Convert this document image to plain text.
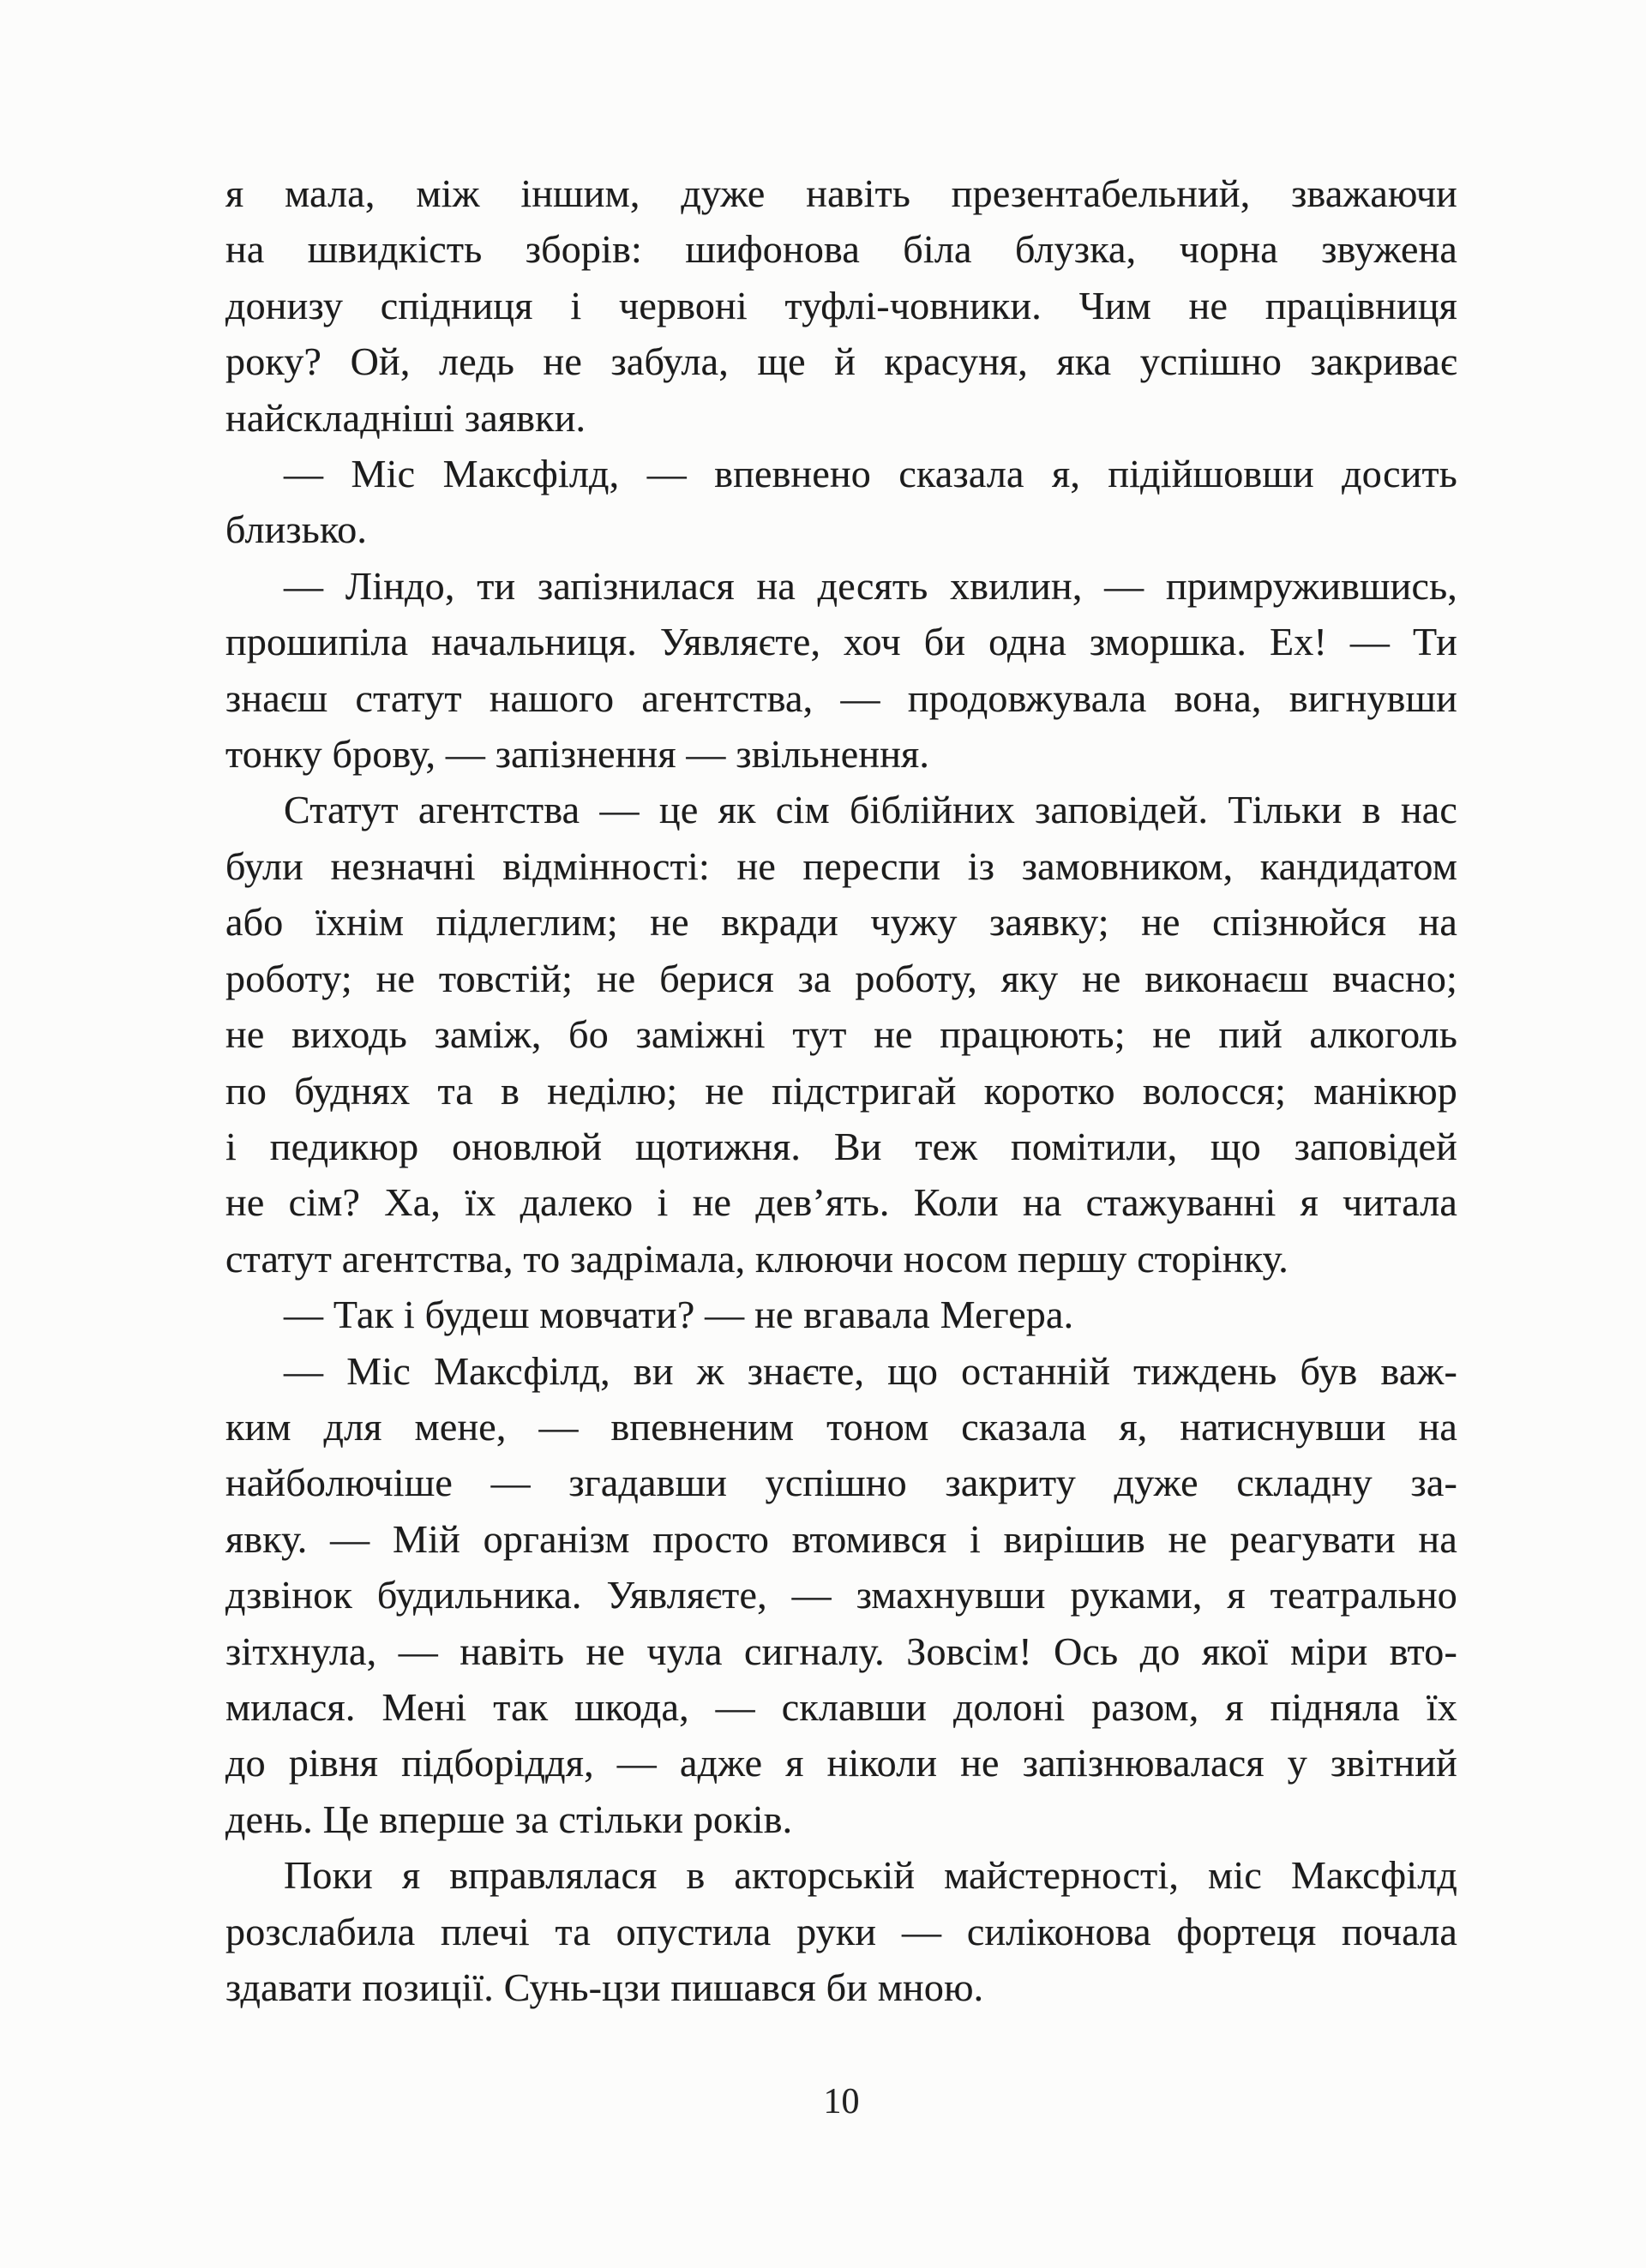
я мала, між іншим, дуже навіть презентабельний, зважаючи
на швидкість зборів: шифонова біла блузка, чорна звужена
донизу спідниця і червоні туфлі-човники. Чим не працівниця
року? Ой, ледь не забула, ще й красуня, яка успішно закриває
найскладніші заявки.
— Міс Максфілд, — впевнено сказала я, підійшовши досить
близько.
— Ліндо, ти запізнилася на десять хвилин, — примружившись,
прошипіла начальниця. Уявляєте, хоч би одна зморшка. Ех! — Ти
знаєш статут нашого агентства, — продовжувала вона, вигнувши
тонку брову, — запізнення — звільнення.
Статут агентства — це як сім біблійних заповідей. Тільки в нас
були незначні відмінності: не переспи із замовником, кандидатом
або їхнім підлеглим; не вкради чужу заявку; не спізнюйся на
роботу; не товстій; не берися за роботу, яку не виконаєш вчасно;
не виходь заміж, бо заміжні тут не працюють; не пий алкоголь
по буднях та в неділю; не підстригай коротко волосся; манікюр
і педикюр оновлюй щотижня. Ви теж помітили, що заповідей
не сім? Ха, їх далеко і не дев’ять. Коли на стажуванні я читала
статут агентства, то задрімала, клюючи носом першу сторінку.
— Так і будеш мовчати? — не вгавала Мегера.
— Міс Максфілд, ви ж знаєте, що останній тиждень був важ-
ким для мене, — впевненим тоном сказала я, натиснувши на
найболючіше — згадавши успішно закриту дуже складну за-
явку. — Мій організм просто втомився і вирішив не реагувати на
дзвінок будильника. Уявляєте, — змахнувши руками, я театрально
зітхнула, — навіть не чула сигналу. Зовсім! Ось до якої міри вто-
милася. Мені так шкода, — склавши долоні разом, я підняла їх
до рівня підборіддя, — адже я ніколи не запізнювалася у звітний
день. Це вперше за стільки років.
Поки я вправлялася в акторській майстерності, міс Максфілд
розслабила плечі та опустила руки — силіконова фортеця почала
здавати позиції. Сунь-цзи пишався би мною.
10
